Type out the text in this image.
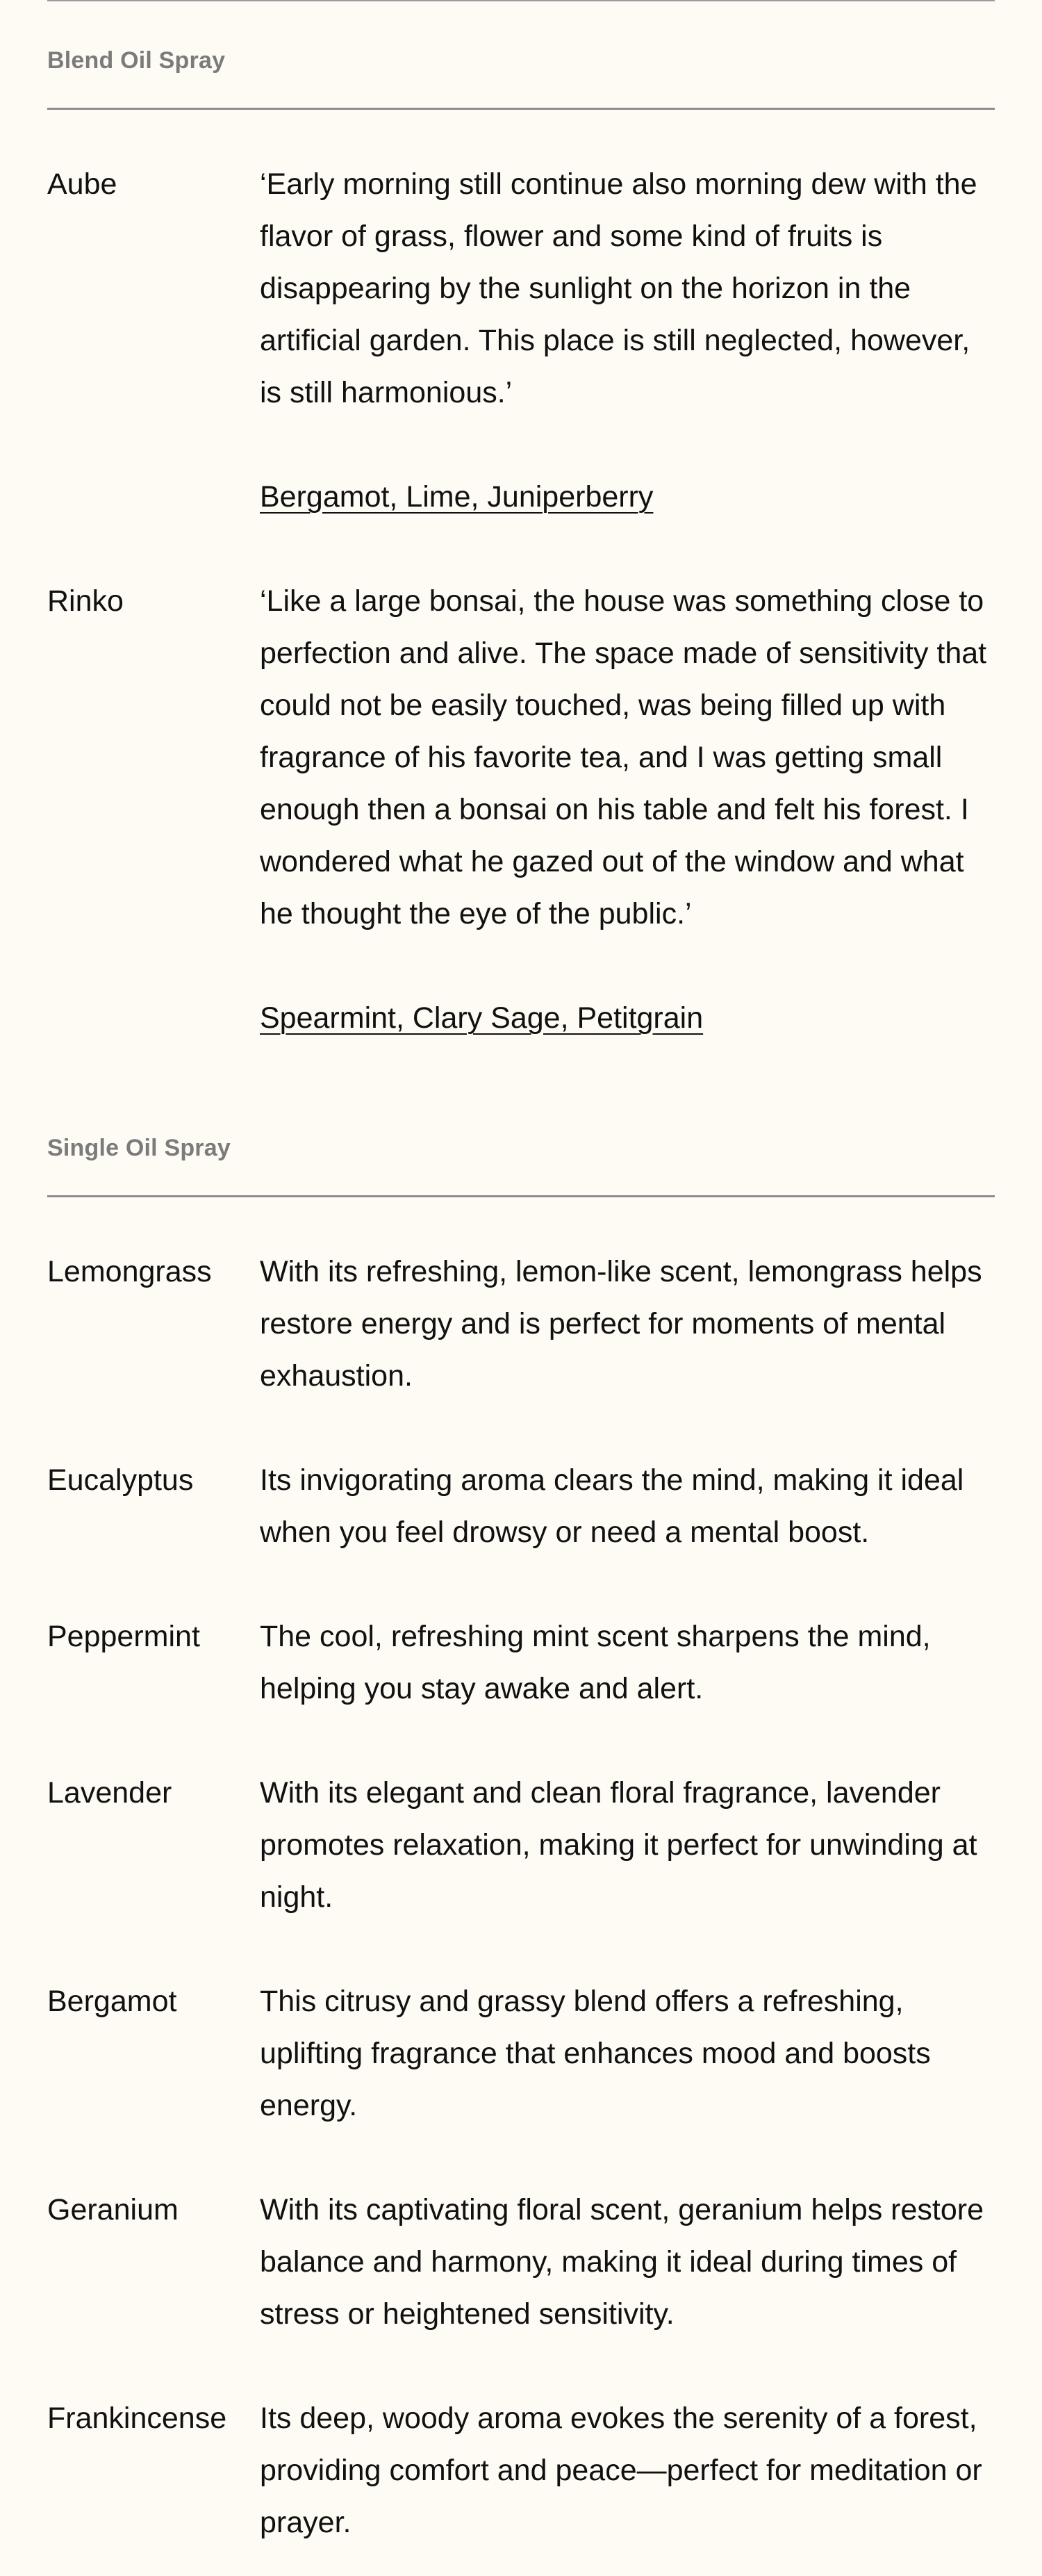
Blend Oil Spray
Aube	‘Early morning still continue also morning dew with the flavor of grass, flower and some kind of fruits is disappearing by the sunlight on the horizon in the artificial garden. This place is still neglected, however, is still harmonious.’

Bergamot, Lime, Juniperberry
Rinko	‘Like a large bonsai, the house was something close to perfection and alive. The space made of sensitivity that could not be easily touched, was being filled up with fragrance of his favorite tea, and I was getting small enough then a bonsai on his table and felt his forest. I wondered what he gazed out of the window and what he thought the eye of the public.’

Spearmint, Clary Sage, Petitgrain
Single Oil Spray
Lemongrass	With its refreshing, lemon-like scent, lemongrass helps restore energy and is perfect for moments of mental exhaustion.

Eucalyptus	Its invigorating aroma clears the mind, making it ideal when you feel drowsy or need a mental boost.

Peppermint	The cool, refreshing mint scent sharpens the mind, helping you stay awake and alert.

Lavender	With its elegant and clean floral fragrance, lavender promotes relaxation, making it perfect for unwinding at night.

Bergamot	This citrusy and grassy blend offers a refreshing, uplifting fragrance that enhances mood and boosts energy.

Geranium	With its captivating floral scent, geranium helps restore balance and harmony, making it ideal during times of stress or heightened sensitivity.

Frankincense	Its deep, woody aroma evokes the serenity of a forest, providing comfort and peace—perfect for meditation or prayer.
